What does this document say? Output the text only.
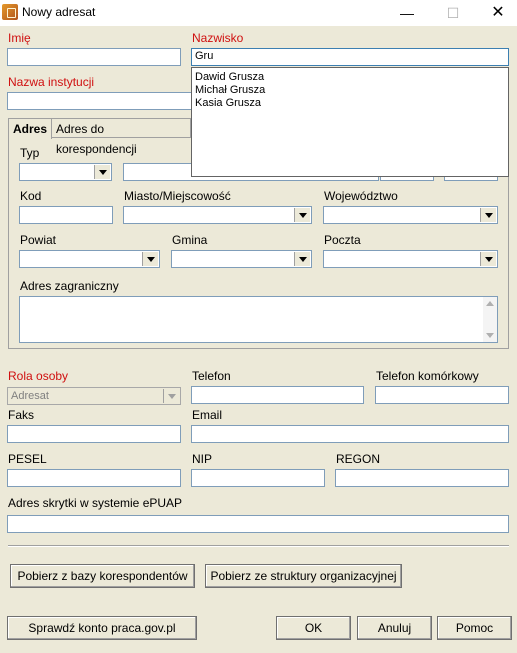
Nowy adresat	—	☐	✕
Imię	Nazwisko
Gru
Nazwa instytucji
Adres Adres do korespondencji
Typ
Kod	Miasto/Miejscowość	Województwo
Powiat	Gmina	Poczta
Adres zagraniczny
Rola osoby
Adresat
Telefon	Telefon komórkowy
Faks	Email
PESEL	NIP	REGON
Adres skrytki w systemie ePUAP
Pobierz z bazy korespondentów	Pobierz ze struktury organizacyjnej
Sprawdź konto praca.gov.pl	OK	Anuluj	Pomoc
Dawid Grusza
Michał Grusza
Kasia Grusza
